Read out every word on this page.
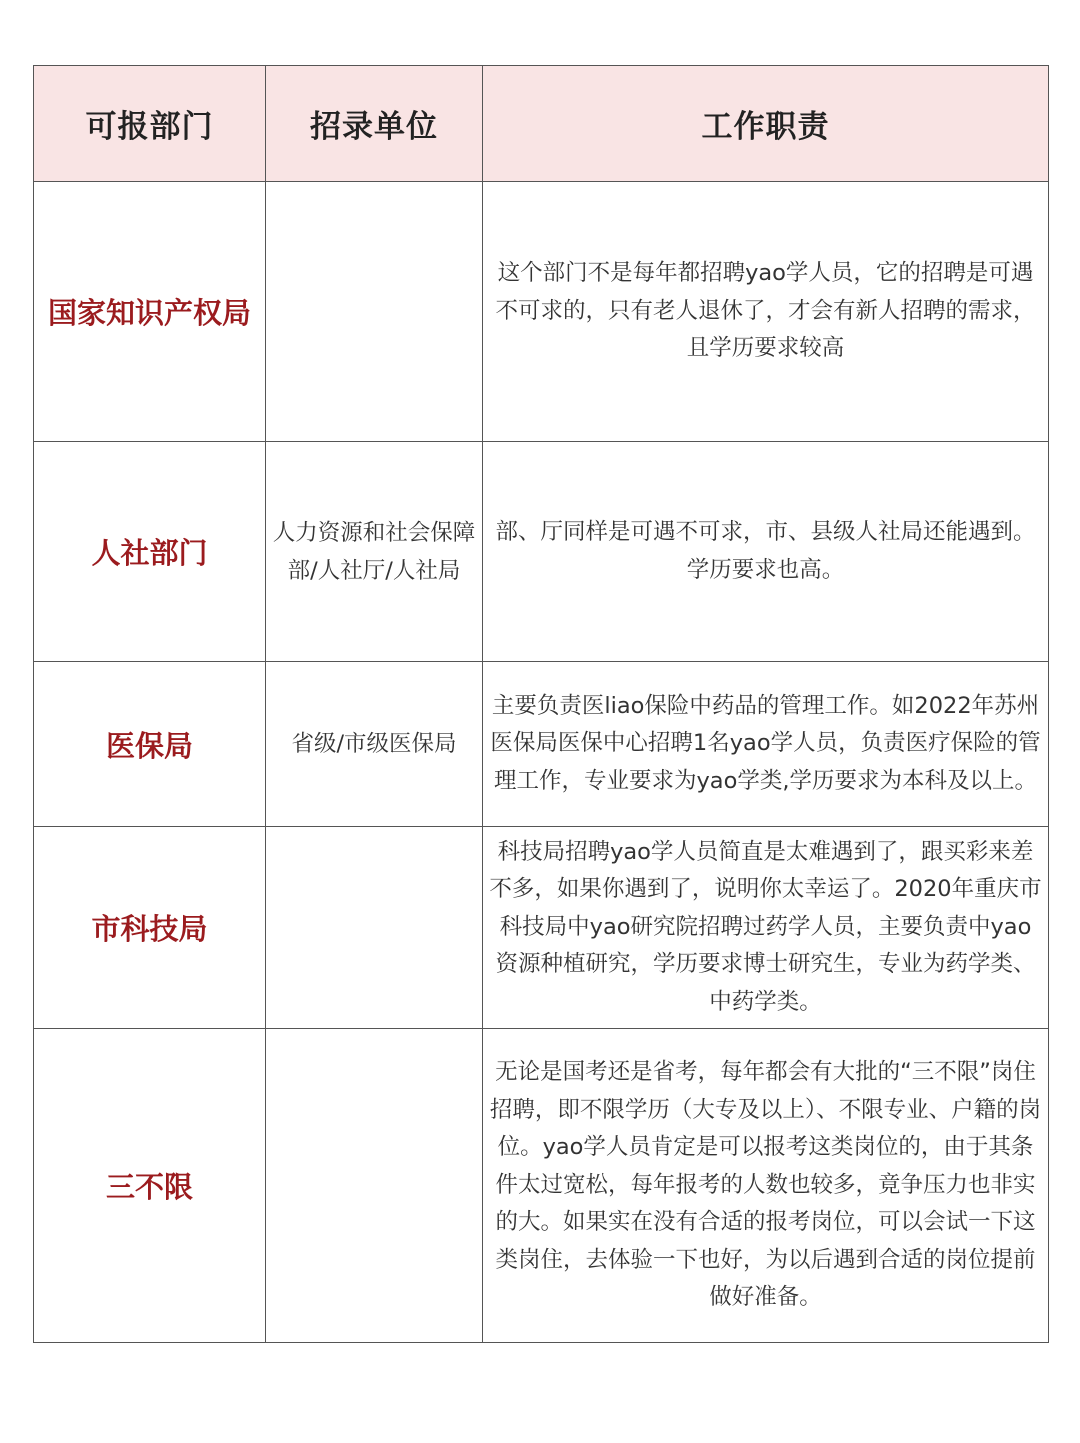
可报部门	招录单位	工作职责
国家知识产权局		这个部门不是每年都招聘yao学人员，它的招聘是可遇不可求的，只有老人退休了，才会有新人招聘的需求，且学历要求较高
人社部门	人力资源和社会保障部/人社厅/人社局	部、厅同样是可遇不可求，市、县级人社局还能遇到。学历要求也高。
医保局	省级/市级医保局	主要负责医liao保险中药品的管理工作。如2022年苏州医保局医保中心招聘1名yao学人员，负责医疗保险的管理工作，专业要求为yao学类,学历要求为本科及以上。
市科技局		科技局招聘yao学人员简直是太难遇到了，跟买彩来差不多，如果你遇到了，说明你太幸运了。2020年重庆市科技局中yao研究院招聘过药学人员，主要负责中yao资源种植研究，学历要求博士研究生，专业为药学类、中药学类。
三不限		无论是国考还是省考，每年都会有大批的“三不限”岗住招聘，即不限学历（大专及以上）、不限专业、户籍的岗位。yao学人员肯定是可以报考这类岗位的，由于其条件太过宽松，每年报考的人数也较多，竟争压力也非实的大。如果实在没有合适的报考岗位，可以会试一下这类岗住，去体验一下也好，为以后遇到合适的岗位提前做好准备。
